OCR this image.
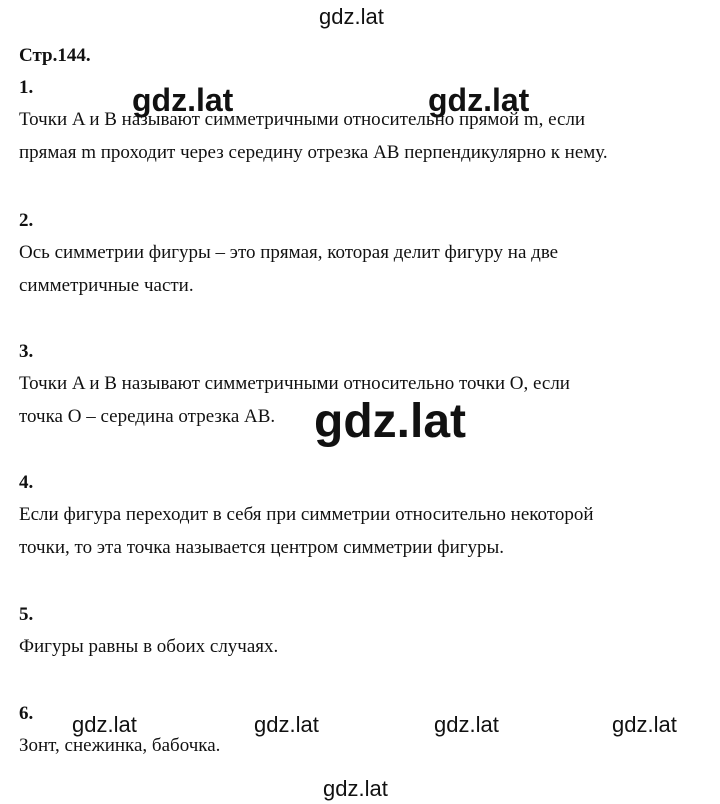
Стр.144.
1.
Точки A и B называют симметричными относительно прямой m, если
прямая m проходит через середину отрезка AB перпендикулярно к нему.
2.
Ось симметрии фигуры – это прямая, которая делит фигуру на две
симметричные части.
3.
Точки A и B называют симметричными относительно точки O, если
точка O – середина отрезка AB.
4.
Если фигура переходит в себя при симметрии относительно некоторой
точки, то эта точка называется центром симметрии фигуры.
5.
Фигуры равны в обоих случаях.
6.
Зонт, снежинка, бабочка.
gdz.lat
gdz.lat	gdz.lat
gdz.lat
gdz.lat	gdz.lat	gdz.lat	gdz.lat
gdz.lat
